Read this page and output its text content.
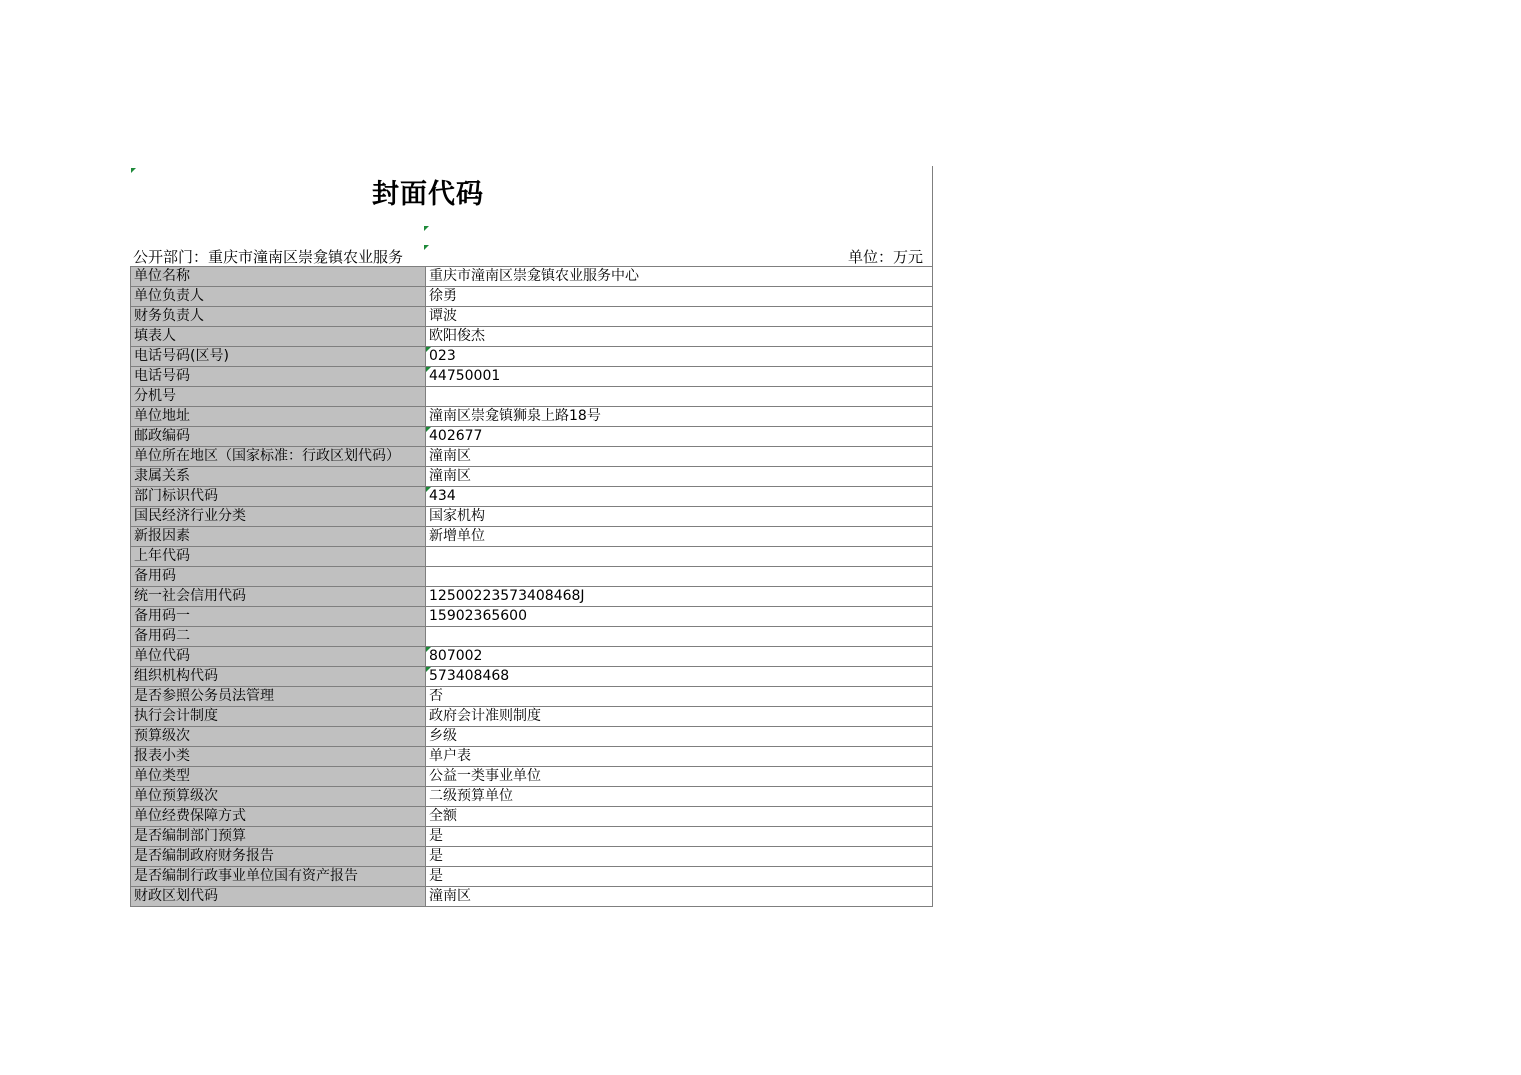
封面代码
公开部门：重庆市潼南区崇龛镇农业服务	单位：万元
单位名称	重庆市潼南区崇龛镇农业服务中心
单位负责人	徐勇
财务负责人	谭波
填表人	欧阳俊杰
电话号码(区号)	023
电话号码	44750001
分机号	
单位地址	潼南区崇龛镇狮泉上路18号
邮政编码	402677
单位所在地区（国家标准：行政区划代码）	潼南区
隶属关系	潼南区
部门标识代码	434
国民经济行业分类	国家机构
新报因素	新增单位
上年代码	
备用码	
统一社会信用代码	12500223573408468J
备用码一	15902365600
备用码二	
单位代码	807002
组织机构代码	573408468
是否参照公务员法管理	否
执行会计制度	政府会计准则制度
预算级次	乡级
报表小类	单户表
单位类型	公益一类事业单位
单位预算级次	二级预算单位
单位经费保障方式	全额
是否编制部门预算	是
是否编制政府财务报告	是
是否编制行政事业单位国有资产报告	是
财政区划代码	潼南区
